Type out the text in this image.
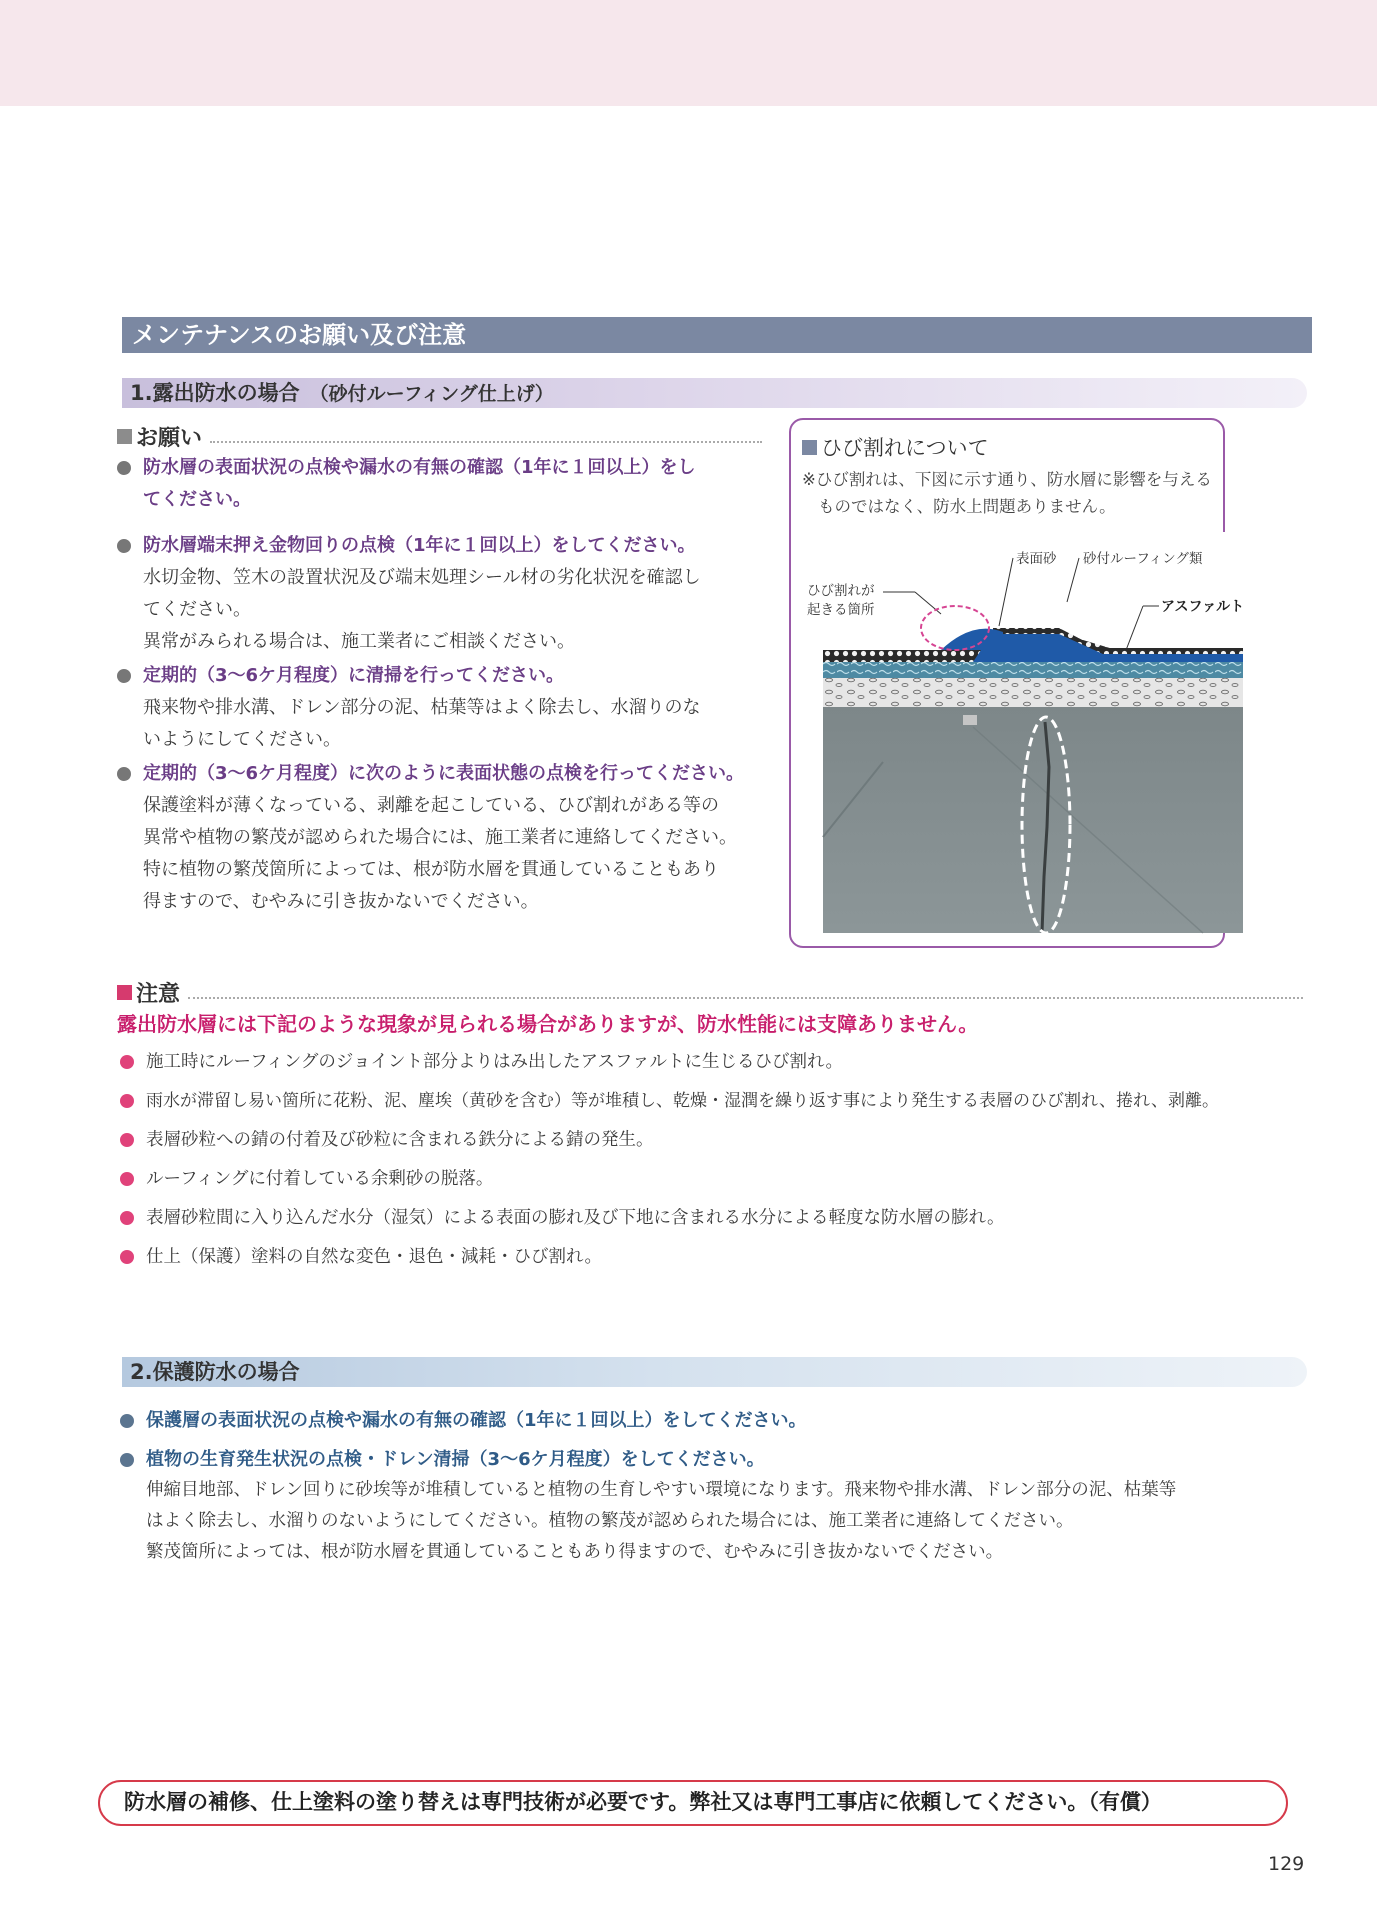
メンテナンスのお願い及び注意
1.露出防水の場合 （砂付ルーフィング仕上げ）
お願い
防水層の表面状況の点検や漏水の有無の確認（1年に１回以上）をし
てください。
防水層端末押え金物回りの点検（1年に１回以上）をしてください。
水切金物、笠木の設置状況及び端末処理シール材の劣化状況を確認し
てください。
異常がみられる場合は、施工業者にご相談ください。
定期的（3〜6ケ月程度）に清掃を行ってください。
飛来物や排水溝、ドレン部分の泥、枯葉等はよく除去し、水溜りのな
いようにしてください。
定期的（3〜6ケ月程度）に次のように表面状態の点検を行ってください。
保護塗料が薄くなっている、剥離を起こしている、ひび割れがある等の
異常や植物の繁茂が認められた場合には、施工業者に連絡してください。
特に植物の繁茂箇所によっては、根が防水層を貫通していることもあり
得ますので、むやみに引き抜かないでください。
ひび割れについて
※ひび割れは、下図に示す通り、防水層に影響を与える
ものではなく、防水上問題ありません。
表面砂 砂付ルーフィング類
アスファルト
ひび割れが
起きる箇所
注意
露出防水層には下記のような現象が見られる場合がありますが、防水性能には支障ありません。
施工時にルーフィングのジョイント部分よりはみ出したアスファルトに生じるひび割れ。
雨水が滞留し易い箇所に花粉、泥、塵埃（黄砂を含む）等が堆積し、乾燥・湿潤を繰り返す事により発生する表層のひび割れ、捲れ、剥離。
表層砂粒への錆の付着及び砂粒に含まれる鉄分による錆の発生。
ルーフィングに付着している余剰砂の脱落。
表層砂粒間に入り込んだ水分（湿気）による表面の膨れ及び下地に含まれる水分による軽度な防水層の膨れ。
仕上（保護）塗料の自然な変色・退色・減耗・ひび割れ。
2.保護防水の場合
保護層の表面状況の点検や漏水の有無の確認（1年に１回以上）をしてください。
植物の生育発生状況の点検・ドレン清掃（3〜6ケ月程度）をしてください。
伸縮目地部、ドレン回りに砂埃等が堆積していると植物の生育しやすい環境になります。飛来物や排水溝、ドレン部分の泥、枯葉等
はよく除去し、水溜りのないようにしてください。植物の繁茂が認められた場合には、施工業者に連絡してください。
繁茂箇所によっては、根が防水層を貫通していることもあり得ますので、むやみに引き抜かないでください。
防水層の補修、仕上塗料の塗り替えは専門技術が必要です。弊社又は専門工事店に依頼してください。（有償）
129
